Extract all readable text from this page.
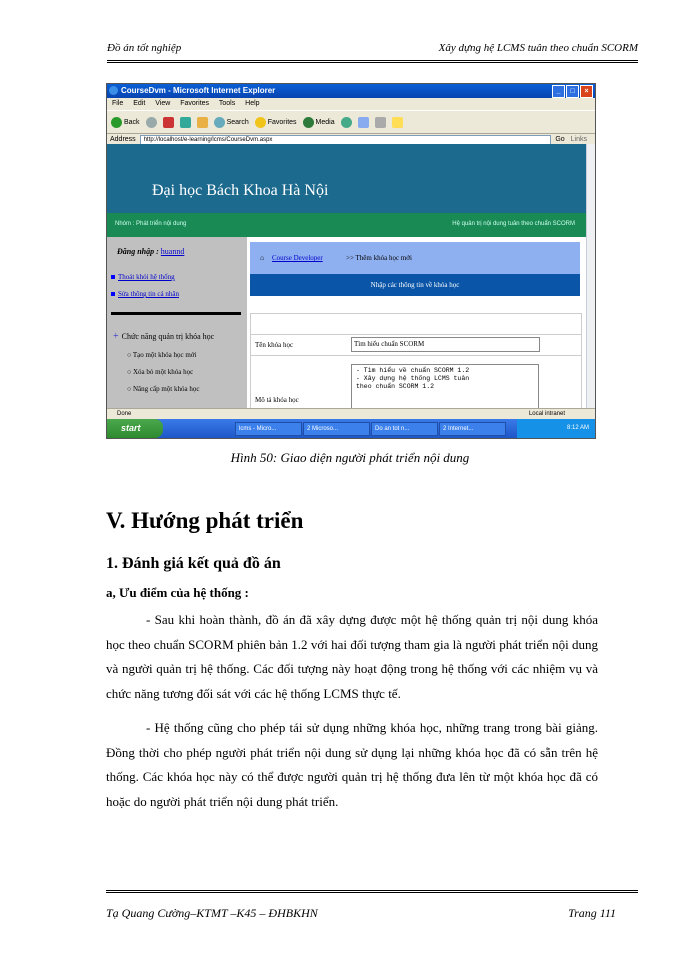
Đồ án tốt nghiệp	Xây dựng hệ LCMS tuân theo chuẩn SCORM
CourseDvm - Microsoft Internet Explorer	_	□	×
File Edit View Favorites Tools Help
Back	Search	Favorites	Media
Address	http://localhost/e-learning/lcms/CourseDvm.aspx	Go Links
Đại học Bách Khoa Hà Nội
Nhóm : Phát triển nội dung	Hệ quản trị nội dung tuân theo chuẩn SCORM
Đăng nhập : huannd
Thoát khỏi hệ thống
Sửa thông tin cá nhân
+ Chức năng quản trị khóa học
○ Tạo một khóa học mới
○ Xóa bỏ một khóa học
○ Nâng cấp một khóa học
⌂ Course Developer	>> Thêm khóa học mới
Nhập các thông tin về khóa học
Tên khóa học	Tìm hiểu chuẩn SCORM
Mô tả khóa học
- Tìm hiểu về chuẩn SCORM 1.2
- Xây dựng hệ thống LCMS tuân
theo chuẩn SCORM 1.2
Done	Local intranet
start	lcms - Micro...	2 Microso...	Do an tot n...	2 Internet...	8:12 AM
Hình 50: Giao diện người phát triển nội dung
V. Hướng phát triển
1. Đánh giá kết quả đồ án
a, Ưu điểm của hệ thống :

- Sau khi hoàn thành, đồ án đã xây dựng được một hệ thống quản trị nội dung khóa học theo chuẩn SCORM phiên bản 1.2 với hai đối tượng tham gia là người phát triển nội dung và người quản trị hệ thống. Các đối tượng này hoạt động trong hệ thống với các nhiệm vụ và chức năng tương đối sát với các hệ thống LCMS thực tế.

- Hệ thống cũng cho phép tái sử dụng những khóa học, những trang trong bài giảng. Đồng thời cho phép người phát triển nội dung sử dụng lại những khóa học đã có sẵn trên hệ thống. Các khóa học này có thể được người quản trị hệ thống đưa lên từ một khóa học đã có hoặc do người phát triển nội dung phát triển.

Tạ Quang Cường–KTMT –K45 – ĐHBKHN	Trang 111
